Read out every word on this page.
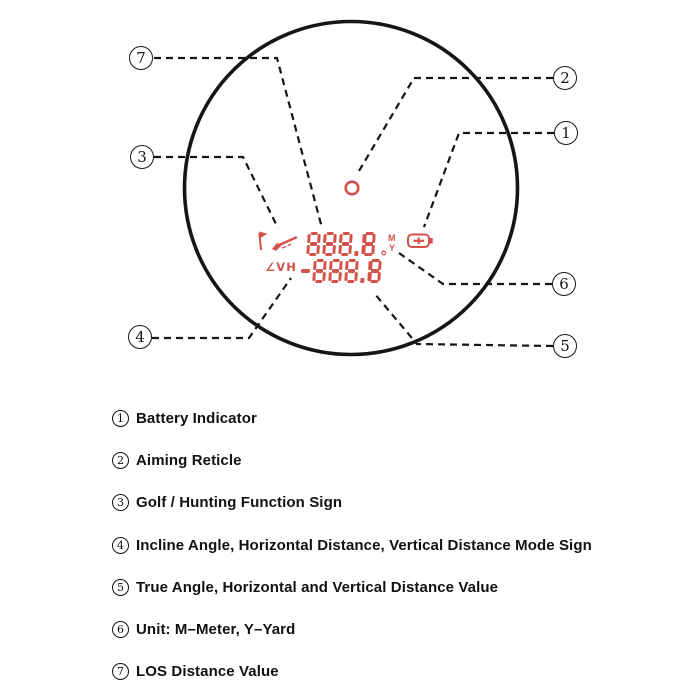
1
2
3
4	5
6
7
∠VH
M
Y
°
1 Battery Indicator
2 Aiming Reticle
3 Golf / Hunting Function Sign
4 Incline Angle, Horizontal Distance, Vertical Distance Mode Sign
5 True Angle, Horizontal and Vertical Distance Value
6 Unit: M–Meter, Y–Yard
7 LOS Distance Value
